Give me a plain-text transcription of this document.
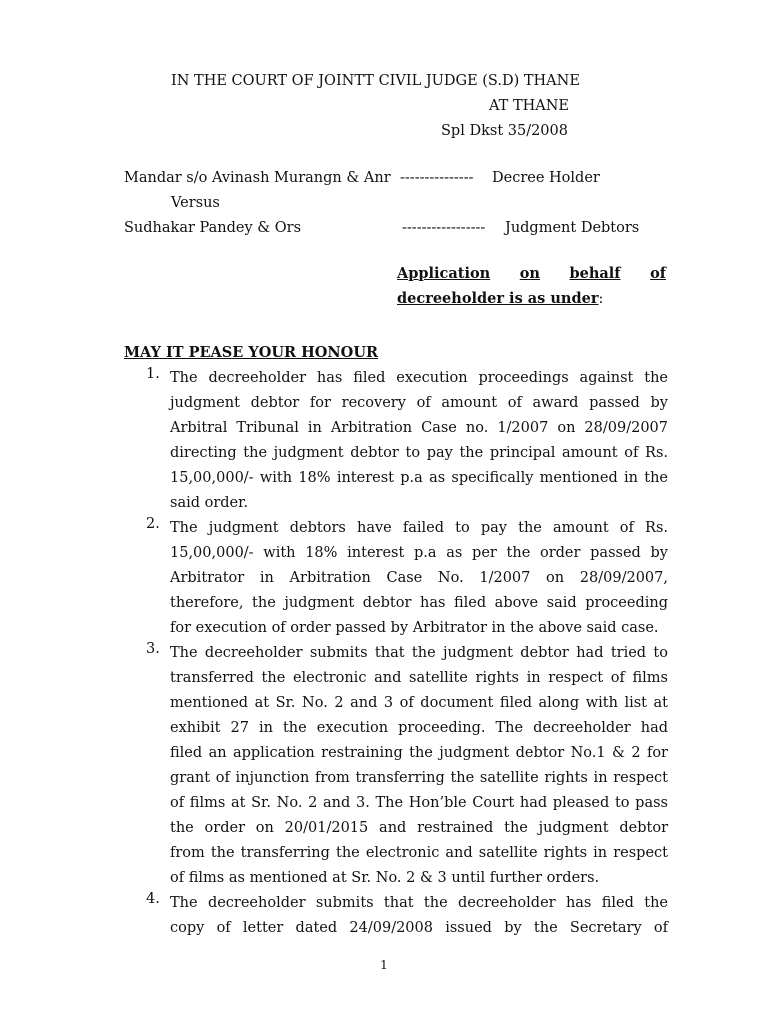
IN THE COURT OF JOINTT CIVIL JUDGE (S.D) THANE
AT THANE
Spl Dkst 35/2008
Mandar s/o Avinash Murangn & Anr --------------- Decree Holder
Versus
Sudhakar Pandey & Ors	----------------- Judgment Debtors
Application on behalf of
decreeholder is as under:
MAY IT PEASE YOUR HONOUR
1. The decreeholder has filed execution proceedings against the

judgment debtor for recovery of amount of award passed by

Arbitral Tribunal in Arbitration Case no. 1/2007 on 28/09/2007

directing the judgment debtor to pay the principal amount of Rs.

15,00,000/- with 18% interest p.a as specifically mentioned in the

said order.

2. The judgment debtors have failed to pay the amount of Rs.

15,00,000/- with 18% interest p.a as per the order passed by

Arbitrator in Arbitration Case No. 1/2007 on 28/09/2007,

therefore, the judgment debtor has filed above said proceeding

for execution of order passed by Arbitrator in the above said case.

3. The decreeholder submits that the judgment debtor had tried to

transferred the electronic and satellite rights in respect of films

mentioned at Sr. No. 2 and 3 of document filed along with list at

exhibit 27 in the execution proceeding. The decreeholder had

filed an application restraining the judgment debtor No.1 & 2 for

grant of injunction from transferring the satellite rights in respect

of films at Sr. No. 2 and 3. The Hon’ble Court had pleased to pass

the order on 20/01/2015 and restrained the judgment debtor

from the transferring the electronic and satellite rights in respect

of films as mentioned at Sr. No. 2 & 3 until further orders.

4. The decreeholder submits that the decreeholder has filed the

copy of letter dated 24/09/2008 issued by the Secretary of

1
